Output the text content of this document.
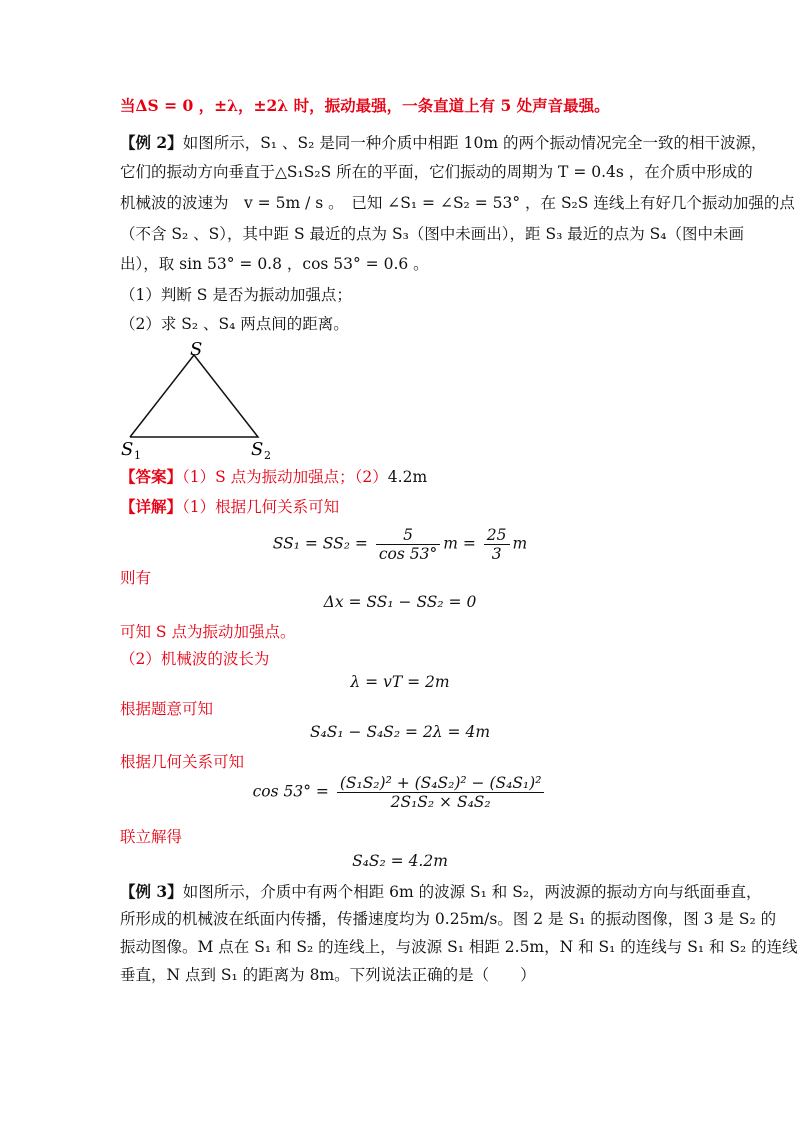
当ΔS = 0 ，±λ，±2λ 时，振动最强，一条直道上有 5 处声音最强。
【例 2】如图所示，S₁ 、S₂ 是同一种介质中相距 10m 的两个振动情况完全一致的相干波源，
它们的振动方向垂直于△S₁S₂S 所在的平面，它们振动的周期为 T = 0.4s ，在介质中形成的
机械波的波速为　v = 5m / s 。　已知 ∠S₁ = ∠S₂ = 53° ，在 S₂S 连线上有好几个振动加强的点
（不含 S₂ 、S），其中距 S 最近的点为 S₃（图中未画出），距 S₃ 最近的点为 S₄（图中未画
出），取 sin 53° = 0.8 ，cos 53° = 0.6 。
（1）判断 S 是否为振动加强点；
（2）求 S₂ 、S₄ 两点间的距离。
S
S 1	S 2
【答案】（1）S 点为振动加强点；（2）4.2m
【详解】（1）根据几何关系可知
$SS_1 = SS_2 = \frac{5}{\cos 53^\circ}$ $m = \frac{25}{3}$ m
则有
Δx = SS₁ − SS₂ = 0
可知 S 点为振动加强点。
（2）机械波的波长为
λ = vT = 2m
根据题意可知
S₄S₁ − S₄S₂ = 2λ = 4m
根据几何关系可知
$\cos 53^\circ = \frac{\text{(S₁S₂)² + (S₄S₂)² − (S₄S₁)²}}{\text{2S₁S₂ × S₄S₂}}$
联立解得
S₄S₂ = 4.2m
【例 3】如图所示，介质中有两个相距 6m 的波源 S₁ 和 S₂，两波源的振动方向与纸面垂直，
所形成的机械波在纸面内传播，传播速度均为 0.25m/s。图 2 是 S₁ 的振动图像，图 3 是 S₂ 的
振动图像。M 点在 S₁ 和 S₂ 的连线上，与波源 S₁ 相距 2.5m，N 和 S₁ 的连线与 S₁ 和 S₂ 的连线
垂直，N 点到 S₁ 的距离为 8m。下列说法正确的是（　　）
